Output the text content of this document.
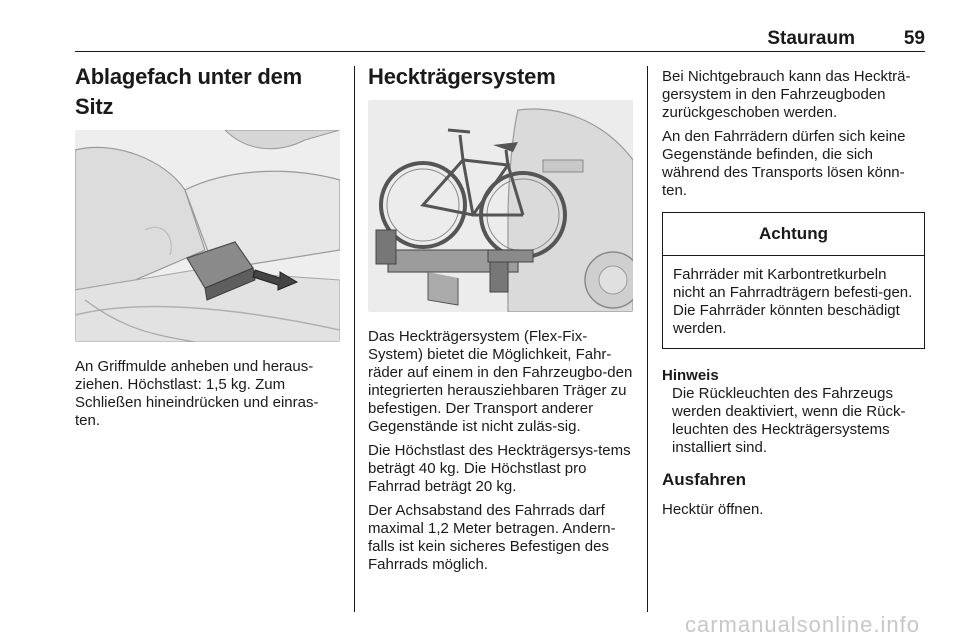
Stauraum	59
Ablagefach unter dem Sitz

An Griffmulde anheben und heraus-ziehen. Höchstlast: 1,5 kg. Zum Schließen hineindrücken und einras-ten.

Heckträgersystem

Das Heckträgersystem (Flex-Fix-System) bietet die Möglichkeit, Fahr-räder auf einem in den Fahrzeugbo-den integrierten herausziehbaren Träger zu befestigen. Der Transport anderer Gegenstände ist nicht zuläs-sig.

Die Höchstlast des Heckträgersys-tems beträgt 40 kg. Die Höchstlast pro Fahrrad beträgt 20 kg.

Der Achsabstand des Fahrrads darf maximal 1,2 Meter betragen. Andern-falls ist kein sicheres Befestigen des Fahrrads möglich.

Bei Nichtgebrauch kann das Heckträ-gersystem in den Fahrzeugboden zurückgeschoben werden.

An den Fahrrädern dürfen sich keine Gegenstände befinden, die sich während des Transports lösen könn-ten.

Achtung
Fahrräder mit Karbontretkurbeln nicht an Fahrradträgern befesti-gen. Die Fahrräder könnten beschädigt werden.
Hinweis
Die Rückleuchten des Fahrzeugs werden deaktiviert, wenn die Rück-leuchten des Heckträgersystems installiert sind.
Ausfahren

Hecktür öffnen.

carmanualsonline.info
